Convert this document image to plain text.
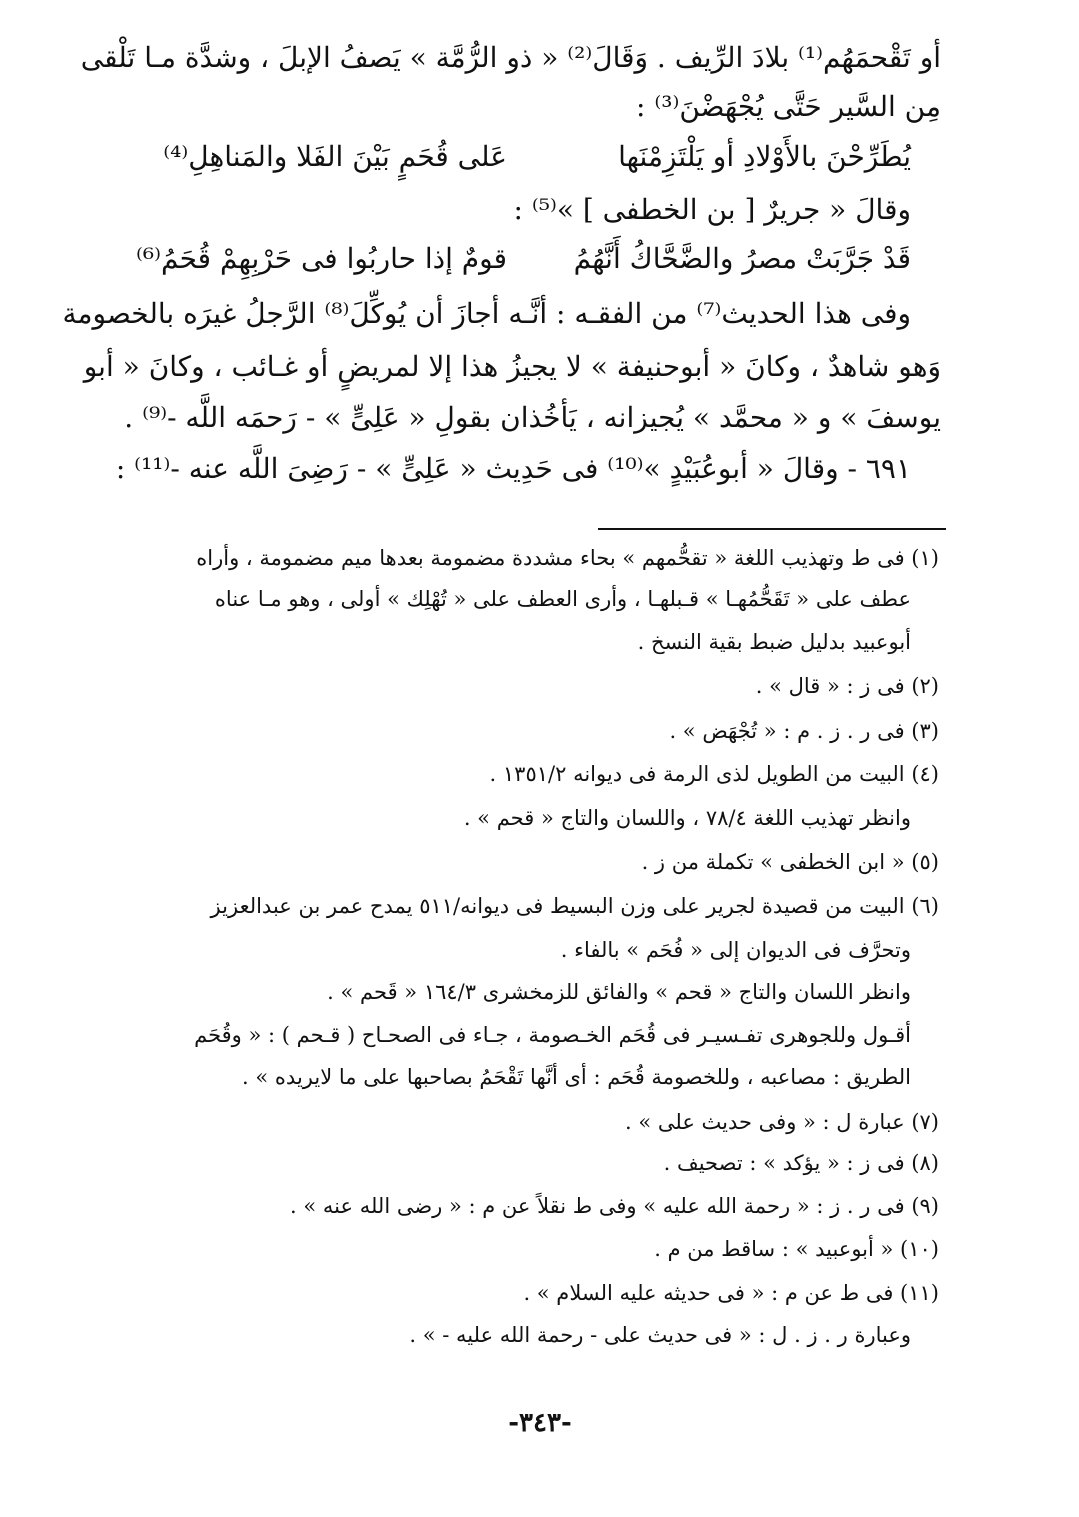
أو تَقْحمَهُم⁽¹⁾ بلادَ الرِّيف . وَقَالَ⁽²⁾ « ذو الرُّمَّة » يَصفُ الإبلَ ، وشدَّة مـا تَلْقى

مِن السَّير حَتَّى يُجْهَضْنَ⁽³⁾ :

يُطَرِّحْنَ بالأَوْلادِ أو يَلْتَزِمْنَها

عَلى قُحَمٍ بَيْنَ الفَلا والمَناهِلِ⁽⁴⁾

وقالَ « جريرٌ [ بن الخطفى ] »⁽⁵⁾ :

قَدْ جَرَّبَتْ مصرُ والضَّحَّاكُ أَنَّهُمُ

قومٌ إذا حاربُوا فى حَرْبِهِمْ قُحَمُ⁽⁶⁾

وفى هذا الحديث⁽⁷⁾ من الفقـه : أنَّـه أجازَ أن يُوكِّلَ⁽⁸⁾ الرَّجلُ غيرَه بالخصومة

وَهو شاهدٌ ، وكانَ « أبوحنيفة » لا يجيزُ هذا إلا لمريضٍ أو غـائب ، وكانَ « أبو

يوسفَ » و « محمَّد » يُجيزانه ، يَأخُذان بقولِ « عَلِىٍّ » - رَحمَه اللَّه -⁽⁹⁾ .

٦٩١ - وقالَ « أبوعُبَيْدٍ »⁽¹⁰⁾ فى حَدِيث « عَلِىٍّ » - رَضِىَ اللَّه عنه -⁽¹¹⁾ :

(١) فى ط وتهذيب اللغة « تقحُّمهم » بحاء مشددة مضمومة بعدها ميم مضمومة ، وأراه

عطف على « تَقَحُّمُهـا » قـبلهـا ، وأرى العطف على « تُهْلِك » أولى ، وهو مـا عناه

أبوعبيد بدليل ضبط بقية النسخ .

(٢) فى ز : « قال » .

(٣) فى ر . ز . م : « تُجْهَض » .

(٤) البيت من الطويل لذى الرمة فى ديوانه ١٣٥١/٢ .

وانظر تهذيب اللغة ٧٨/٤ ، واللسان والتاج « قحم » .

(٥) « ابن الخطفى » تكملة من ز .

(٦) البيت من قصيدة لجرير على وزن البسيط فى ديوانه/٥١١ يمدح عمر بن عبدالعزيز

وتحرَّف فى الديوان إلى « فُحَم » بالفاء .

وانظر اللسان والتاج « قحم » والفائق للزمخشرى ١٦٤/٣ « قَحم » .

أقـول وللجوهرى تفـسيـر فى قُحَم الخـصومة ، جـاء فى الصحـاح ( قـحم ) : « وقُحَم

الطريق : مصاعبه ، وللخصومة قُحَم : أى أنَّها تَقْحَمُ بصاحبها على ما لايريده » .

(٧) عبارة ل : « وفى حديث على » .

(٨) فى ز : « يؤكد » : تصحيف .

(٩) فى ر . ز : « رحمة الله عليه » وفى ط نقلاً عن م : « رضى الله عنه » .

(١٠) « أبوعبيد » : ساقط من م .

(١١) فى ط عن م : « فى حديثه عليه السلام » .

وعبارة ر . ز . ل : « فى حديث على - رحمة الله عليه - » .

-٣٤٣-
